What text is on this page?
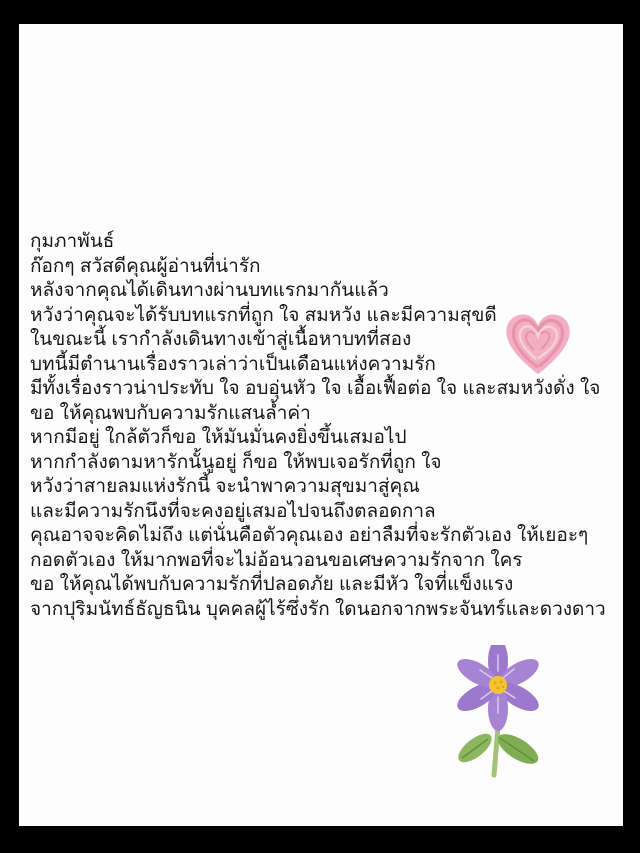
กุมภาพันธ์
ก๊อกๆ สวัสดีคุณผู้อ่านที่น่ารัก
หลังจากคุณได้เดินทางผ่านบทแรกมากันแล้ว
หวังว่าคุณจะได้รับบทแรกที่ถูก ใจ สมหวัง และมีความสุขดี
ในขณะนี้ เรากำลังเดินทางเข้าสู่เนื้อหาบทที่สอง
บทนี้มีตำนานเรื่องราวเล่าว่าเป็นเดือนแห่งความรัก
มีทั้งเรื่องราวน่าประทับ ใจ อบอุ่นหัว ใจ เอื้อเฟื้อต่อ ใจ และสมหวังดั่ง ใจ
ขอ ให้คุณพบกับความรักแสนล้ำค่า
หากมีอยู่ ใกล้ตัวก็ขอ ให้มันมั่นคงยิ่งขึ้นเสมอไป
หากกำลังตามหารักนั้นูอยู่ ก็ขอ ให้พบเจอรักที่ถูก ใจ
หวังว่าสายลมแห่งรักนี้ จะนำพาความสุขมาสู่คุณ
และมีความรักนึงที่จะคงอยู่เสมอไปจนถึงตลอดกาล
คุณอาจจะคิดไม่ถึง แต่นั่นคือตัวคุณเอง อย่าลืมที่จะรักตัวเอง ให้เยอะๆ
กอดตัวเอง ให้มากพอที่จะไม่อ้อนวอนขอเศษความรักจาก ใคร
ขอ ให้คุณได้พบกับความรักที่ปลอดภัย และมีหัว ใจที่แข็งแรง
จากปุริมนัทธ์ธัญธนิน บุคคลผู้ไร้ซึ่งรัก ใดนอกจากพระจันทร์และดวงดาว
